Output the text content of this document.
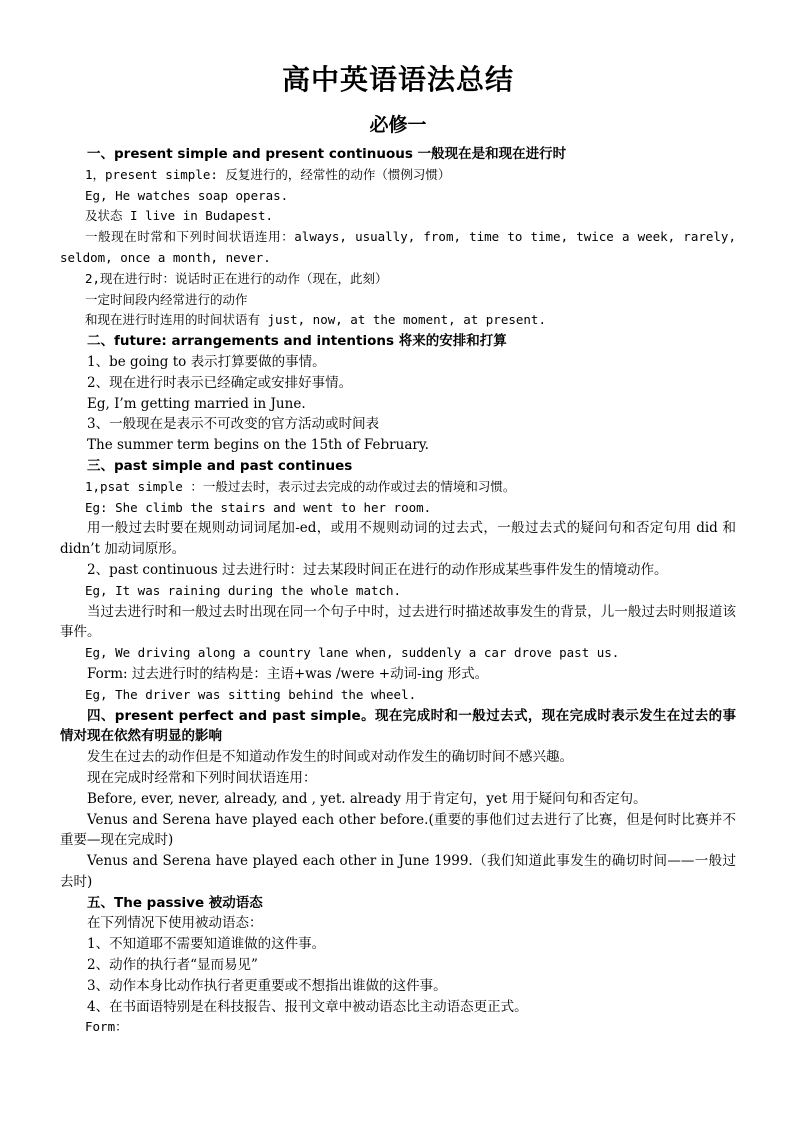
高中英语语法总结
必修一

一、present simple and present continuous 一般现在是和现在进行时

1，present simple: 反复进行的，经常性的动作（惯例习惯）

Eg, He watches soap operas.

及状态 I live in Budapest.

一般现在时常和下列时间状语连用：always, usually, from, time to time, twice a week, rarely, seldom, once a month, never.

2,现在进行时：说话时正在进行的动作（现在，此刻）

一定时间段内经常进行的动作

和现在进行时连用的时间状语有 just, now, at the moment, at present.

二、future: arrangements and intentions 将来的安排和打算

1、be going to 表示打算要做的事情。

2、现在进行时表示已经确定或安排好事情。

Eg, I’m getting married in June.

3、一般现在是表示不可改变的官方活动或时间表

The summer term begins on the 15th of February.

三、past simple and past continues

1,psat simple ：一般过去时，表示过去完成的动作或过去的情境和习惯。

Eg: She climb the stairs and went to her room.

用一般过去时要在规则动词词尾加-ed，或用不规则动词的过去式，一般过去式的疑问句和否定句用 did 和 didn’t 加动词原形。

2、past continuous 过去进行时：过去某段时间正在进行的动作形成某些事件发生的情境动作。

Eg, It was raining during the whole match.

当过去进行时和一般过去时出现在同一个句子中时，过去进行时描述故事发生的背景，儿一般过去时则报道该事件。

Eg, We driving along a country lane when, suddenly a car drove past us.

Form: 过去进行时的结构是：主语+was /were +动词-ing 形式。

Eg, The driver was sitting behind the wheel.

四、present perfect and past simple。现在完成时和一般过去式，现在完成时表示发生在过去的事情对现在依然有明显的影响

发生在过去的动作但是不知道动作发生的时间或对动作发生的确切时间不感兴趣。

现在完成时经常和下列时间状语连用：

Before, ever, never, already, and , yet. already 用于肯定句，yet 用于疑问句和否定句。

Venus and Serena have played each other before.(重要的事他们过去进行了比赛，但是何时比赛并不重要—现在完成时)

Venus and Serena have played each other in June 1999.（我们知道此事发生的确切时间——一般过去时)

五、The passive 被动语态

在下列情况下使用被动语态：

1、不知道耶不需要知道谁做的这件事。

2、动作的执行者“显而易见”

3、动作本身比动作执行者更重要或不想指出谁做的这件事。

4、在书面语特别是在科技报告、报刊文章中被动语态比主动语态更正式。

Form：
